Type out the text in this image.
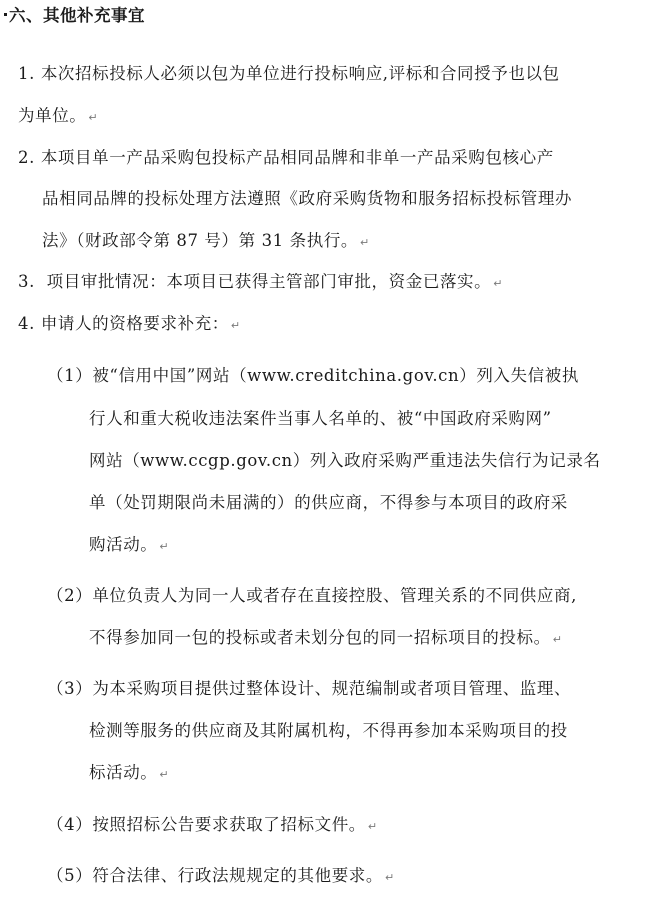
六、其他补充事宜
1. 本次招标投标人必须以包为单位进行投标响应,评标和合同授予也以包
为单位。 ↵
2. 本项目单一产品采购包投标产品相同品牌和非单一产品采购包核心产
品相同品牌的投标处理方法遵照《政府采购货物和服务招标投标管理办
法》（财政部令第 87 号）第 31 条执行。 ↵
3. 项目审批情况：本项目已获得主管部门审批，资金已落实。 ↵
4. 申请人的资格要求补充： ↵
（1）被“信用中国”网站（www.creditchina.gov.cn）列入失信被执
行人和重大税收违法案件当事人名单的、被“中国政府采购网”
网站（www.ccgp.gov.cn）列入政府采购严重违法失信行为记录名
单（处罚期限尚未届满的）的供应商，不得参与本项目的政府采
购活动。 ↵
（2）单位负责人为同一人或者存在直接控股、管理关系的不同供应商,
不得参加同一包的投标或者未划分包的同一招标项目的投标。 ↵
（3）为本采购项目提供过整体设计、规范编制或者项目管理、监理、
检测等服务的供应商及其附属机构，不得再参加本采购项目的投
标活动。 ↵
（4）按照招标公告要求获取了招标文件。 ↵
（5）符合法律、行政法规规定的其他要求。 ↵
